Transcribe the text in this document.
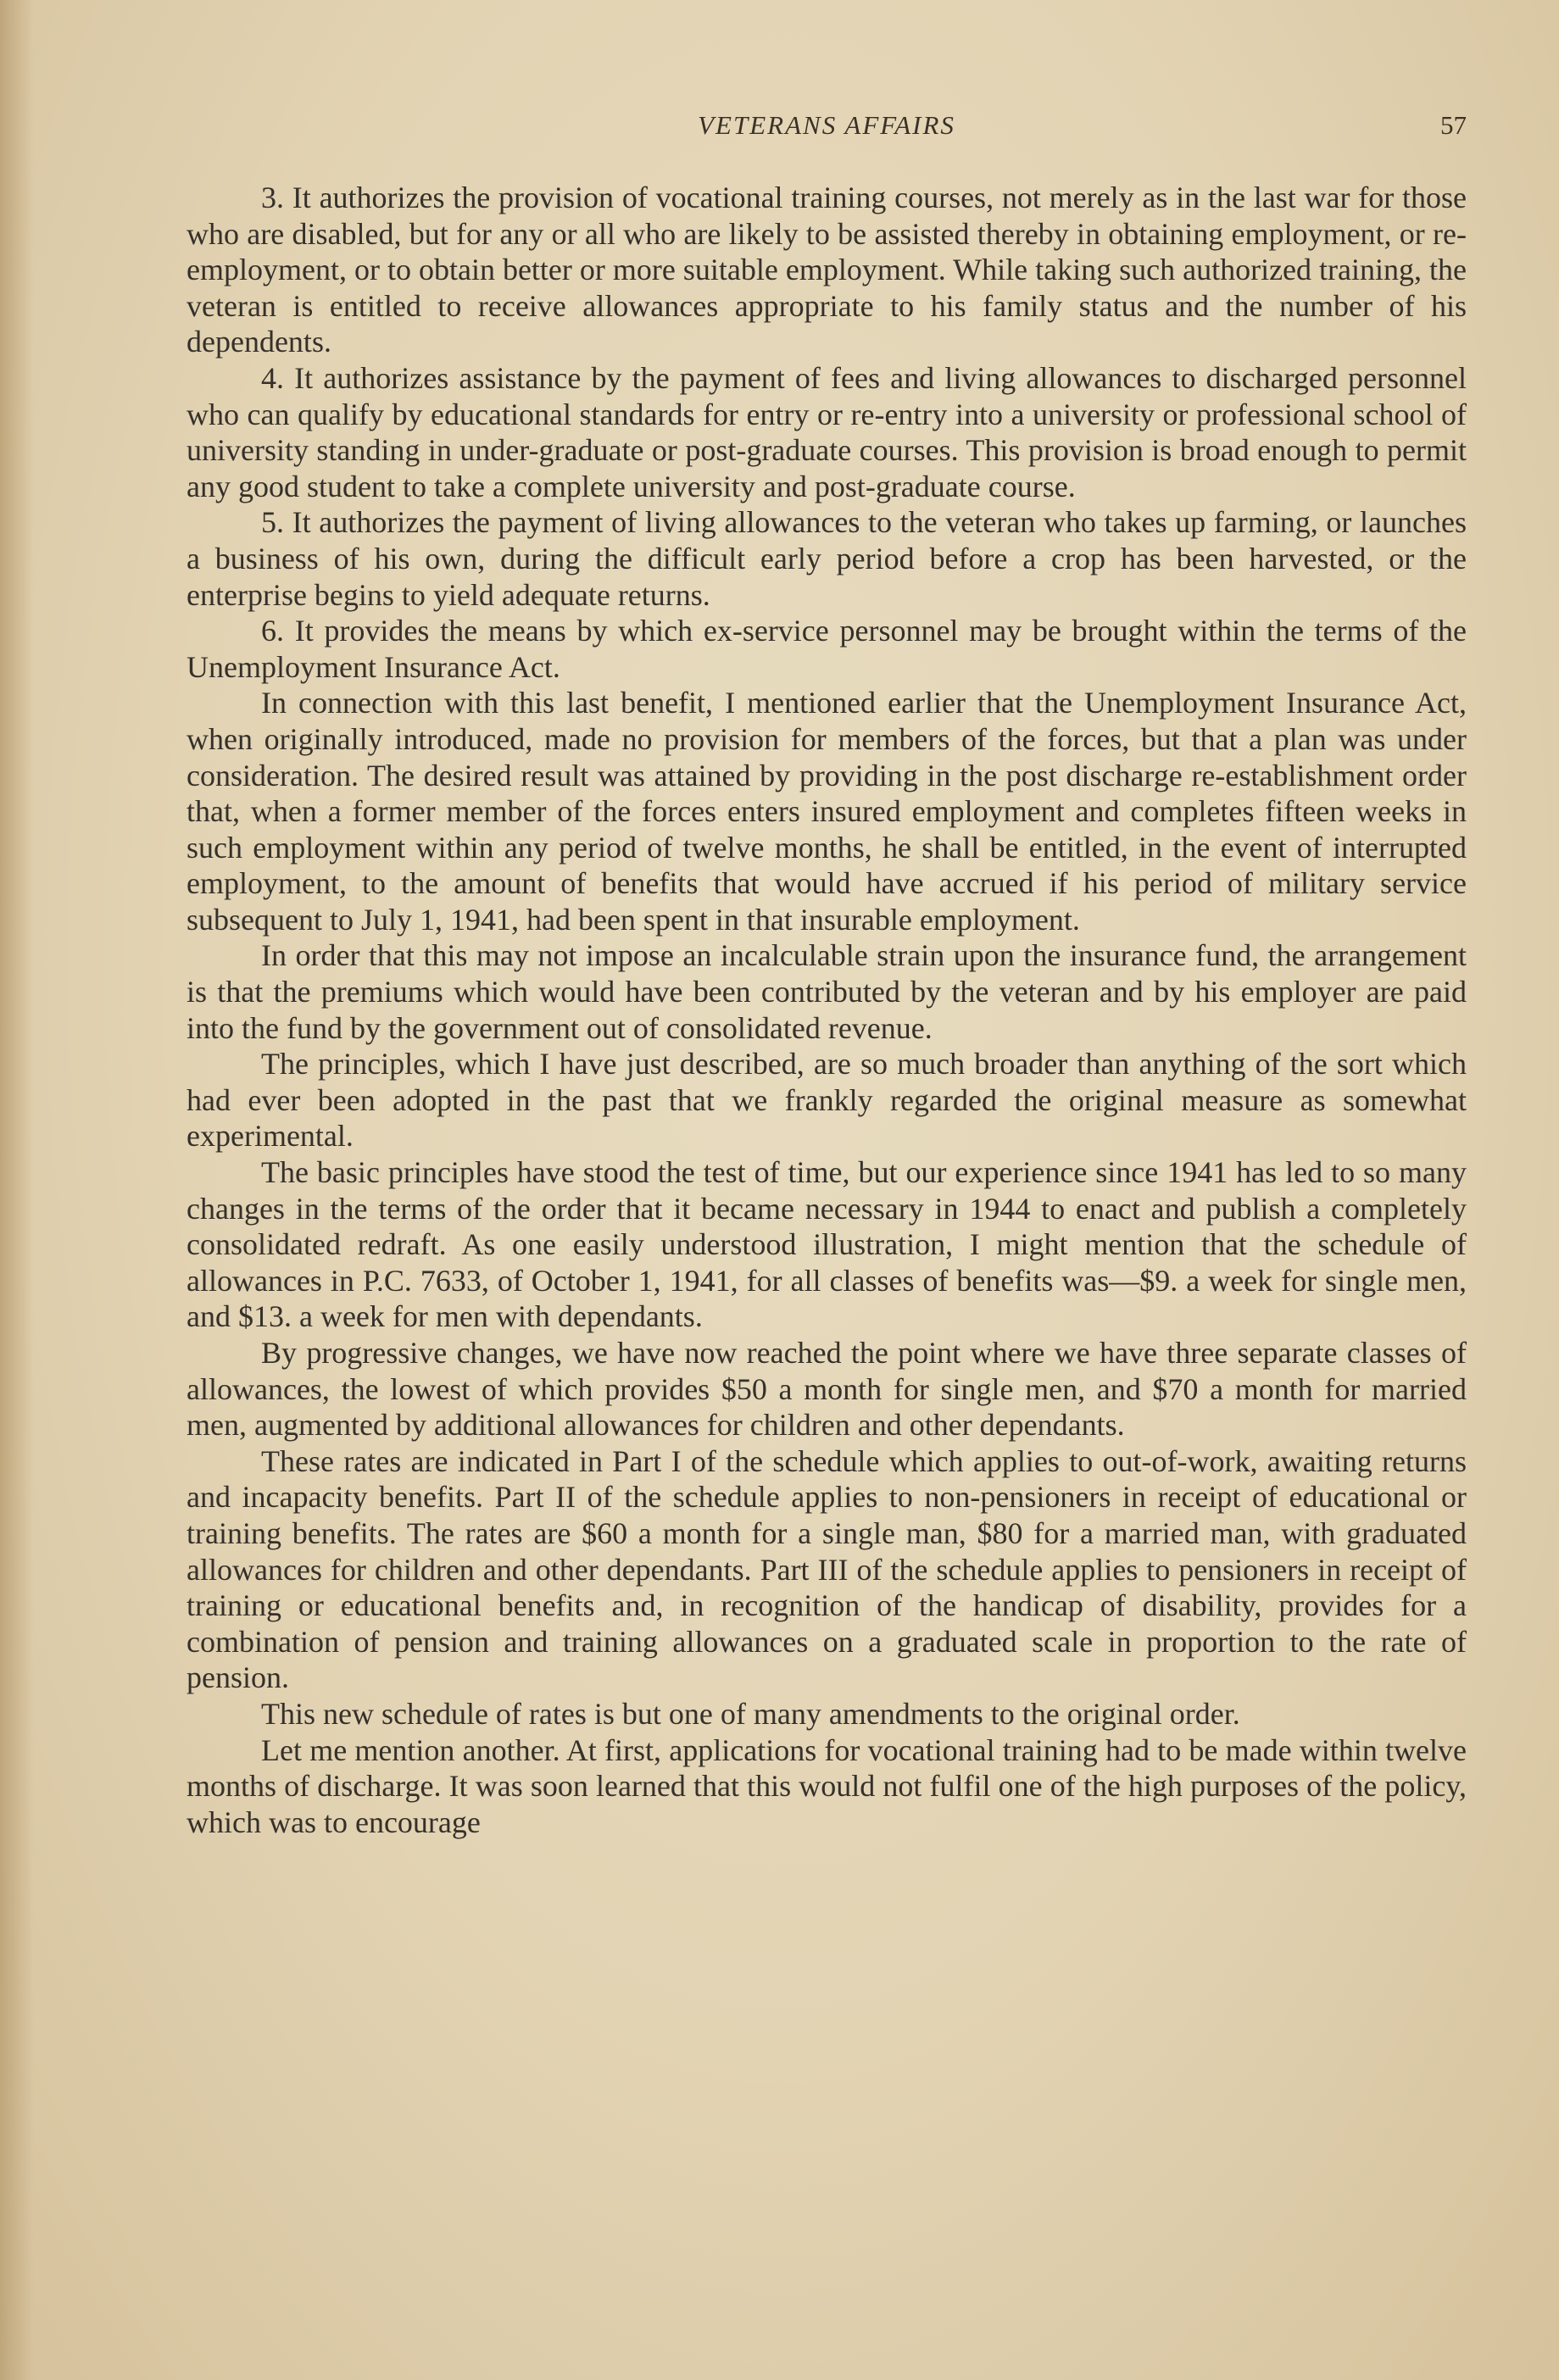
VETERANS AFFAIRS	57

3. It authorizes the provision of vocational training courses, not merely as in the last war for those who are disabled, but for any or all who are likely to be assisted thereby in obtaining employment, or re-employment, or to obtain better or more suitable employment. While taking such authorized training, the veteran is entitled to receive allowances appropriate to his family status and the number of his dependents.

4. It authorizes assistance by the payment of fees and living allowances to discharged personnel who can qualify by educational standards for entry or re-entry into a university or professional school of university standing in under-graduate or post-graduate courses. This provision is broad enough to permit any good student to take a complete university and post-graduate course.

5. It authorizes the payment of living allowances to the veteran who takes up farming, or launches a business of his own, during the difficult early period before a crop has been harvested, or the enterprise begins to yield adequate returns.

6. It provides the means by which ex-service personnel may be brought within the terms of the Unemployment Insurance Act.

In connection with this last benefit, I mentioned earlier that the Unemployment Insurance Act, when originally introduced, made no provision for members of the forces, but that a plan was under consideration. The desired result was attained by providing in the post discharge re-establishment order that, when a former member of the forces enters insured employment and completes fifteen weeks in such employment within any period of twelve months, he shall be entitled, in the event of interrupted employment, to the amount of benefits that would have accrued if his period of military service subsequent to July 1, 1941, had been spent in that insurable employment.

In order that this may not impose an incalculable strain upon the insurance fund, the arrangement is that the premiums which would have been contributed by the veteran and by his employer are paid into the fund by the government out of consolidated revenue.

The principles, which I have just described, are so much broader than anything of the sort which had ever been adopted in the past that we frankly regarded the original measure as somewhat experimental.

The basic principles have stood the test of time, but our experience since 1941 has led to so many changes in the terms of the order that it became necessary in 1944 to enact and publish a completely consolidated redraft. As one easily understood illustration, I might mention that the schedule of allowances in P.C. 7633, of October 1, 1941, for all classes of benefits was—$9. a week for single men, and $13. a week for men with dependants.

By progressive changes, we have now reached the point where we have three separate classes of allowances, the lowest of which provides $50 a month for single men, and $70 a month for married men, augmented by additional allowances for children and other dependants.

These rates are indicated in Part I of the schedule which applies to out-of-work, awaiting returns and incapacity benefits. Part II of the schedule applies to non-pensioners in receipt of educational or training benefits. The rates are $60 a month for a single man, $80 for a married man, with graduated allowances for children and other dependants. Part III of the schedule applies to pensioners in receipt of training or educational benefits and, in recognition of the handicap of disability, provides for a combination of pension and training allowances on a graduated scale in proportion to the rate of pension.

This new schedule of rates is but one of many amendments to the original order.

Let me mention another. At first, applications for vocational training had to be made within twelve months of discharge. It was soon learned that this would not fulfil one of the high purposes of the policy, which was to encourage
